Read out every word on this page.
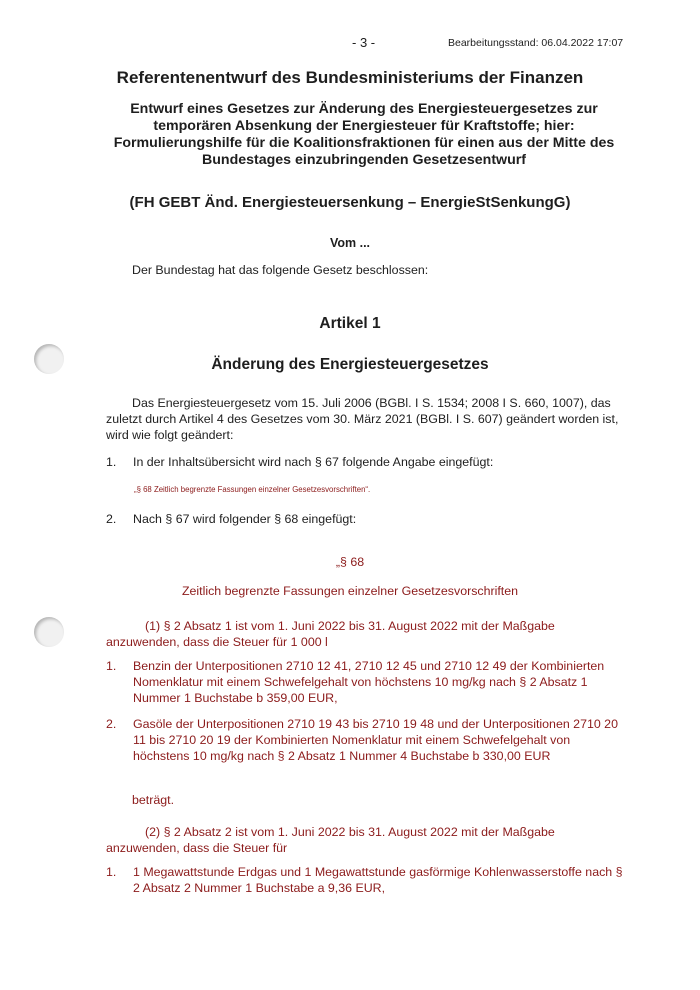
- 3 -	Bearbeitungsstand: 06.04.2022 17:07
Referentenentwurf des Bundesministeriums der Finanzen
Entwurf eines Gesetzes zur Änderung des Energiesteuergesetzes zur temporären Absenkung der Energiesteuer für Kraftstoffe; hier: Formulierungshilfe für die Koalitionsfraktionen für einen aus der Mitte des Bundestages einzubringenden Gesetzesentwurf
(FH GEBT Änd. Energiesteuersenkung – EnergieStSenkungG)
Vom ...
Der Bundestag hat das folgende Gesetz beschlossen:
Artikel 1
Änderung des Energiesteuergesetzes
Das Energiesteuergesetz vom 15. Juli 2006 (BGBl. I S. 1534; 2008 I S. 660, 1007), das zuletzt durch Artikel 4 des Gesetzes vom 30. März 2021 (BGBl. I S. 607) geändert worden ist, wird wie folgt geändert:
1. In der Inhaltsübersicht wird nach § 67 folgende Angabe eingefügt:
„§ 68 Zeitlich begrenzte Fassungen einzelner Gesetzesvorschriften“.
2. Nach § 67 wird folgender § 68 eingefügt:
„§ 68
Zeitlich begrenzte Fassungen einzelner Gesetzesvorschriften
(1) § 2 Absatz 1 ist vom 1. Juni 2022 bis 31. August 2022 mit der Maßgabe anzuwenden, dass die Steuer für 1 000 l
1. Benzin der Unterpositionen 2710 12 41, 2710 12 45 und 2710 12 49 der Kombinierten Nomenklatur mit einem Schwefelgehalt von höchstens 10 mg/kg nach § 2 Absatz 1 Nummer 1 Buchstabe b 359,00 EUR,
2. Gasöle der Unterpositionen 2710 19 43 bis 2710 19 48 und der Unterpositionen 2710 20 11 bis 2710 20 19 der Kombinierten Nomenklatur mit einem Schwefelgehalt von höchstens 10 mg/kg nach § 2 Absatz 1 Nummer 4 Buchstabe b 330,00 EUR
beträgt.
(2) § 2 Absatz 2 ist vom 1. Juni 2022 bis 31. August 2022 mit der Maßgabe anzuwenden, dass die Steuer für
1. 1 Megawattstunde Erdgas und 1 Megawattstunde gasförmige Kohlenwasserstoffe nach § 2 Absatz 2 Nummer 1 Buchstabe a 9,36 EUR,
